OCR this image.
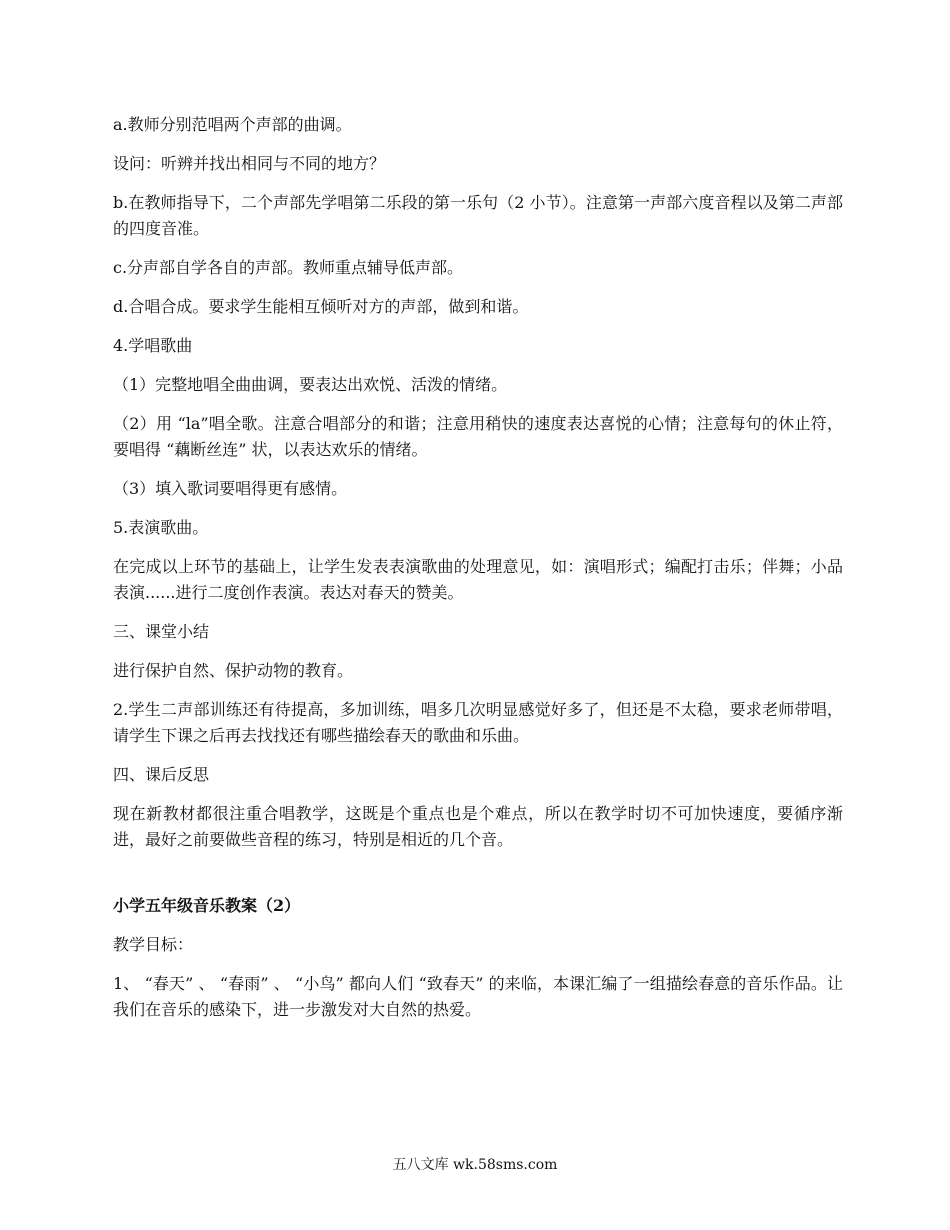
a.教师分别范唱两个声部的曲调。

设问：听辨并找出相同与不同的地方？

b.在教师指导下，二个声部先学唱第二乐段的第一乐句（2 小节）。注意第一声部六度音程以及第二声部的四度音准。

c.分声部自学各自的声部。教师重点辅导低声部。

d.合唱合成。要求学生能相互倾听对方的声部，做到和谐。

4.学唱歌曲

（1）完整地唱全曲曲调，要表达出欢悦、活泼的情绪。

（2）用 “la”唱全歌。注意合唱部分的和谐；注意用稍快的速度表达喜悦的心情；注意每句的休止符，要唱得 “藕断丝连” 状，以表达欢乐的情绪。

（3）填入歌词要唱得更有感情。

5.表演歌曲。

在完成以上环节的基础上，让学生发表表演歌曲的处理意见，如：演唱形式；编配打击乐；伴舞；小品表演......进行二度创作表演。表达对春天的赞美。

三、课堂小结

进行保护自然、保护动物的教育。

2.学生二声部训练还有待提高，多加训练，唱多几次明显感觉好多了，但还是不太稳，要求老师带唱，请学生下课之后再去找找还有哪些描绘春天的歌曲和乐曲。

四、课后反思

现在新教材都很注重合唱教学，这既是个重点也是个难点，所以在教学时切不可加快速度，要循序渐进，最好之前要做些音程的练习，特别是相近的几个音。

小学五年级音乐教案（2）

教学目标：

1、 “春天” 、 “春雨” 、 “小鸟” 都向人们 “致春天” 的来临，本课汇编了一组描绘春意的音乐作品。让我们在音乐的感染下，进一步激发对大自然的热爱。

五八文库 wk.58sms.com
